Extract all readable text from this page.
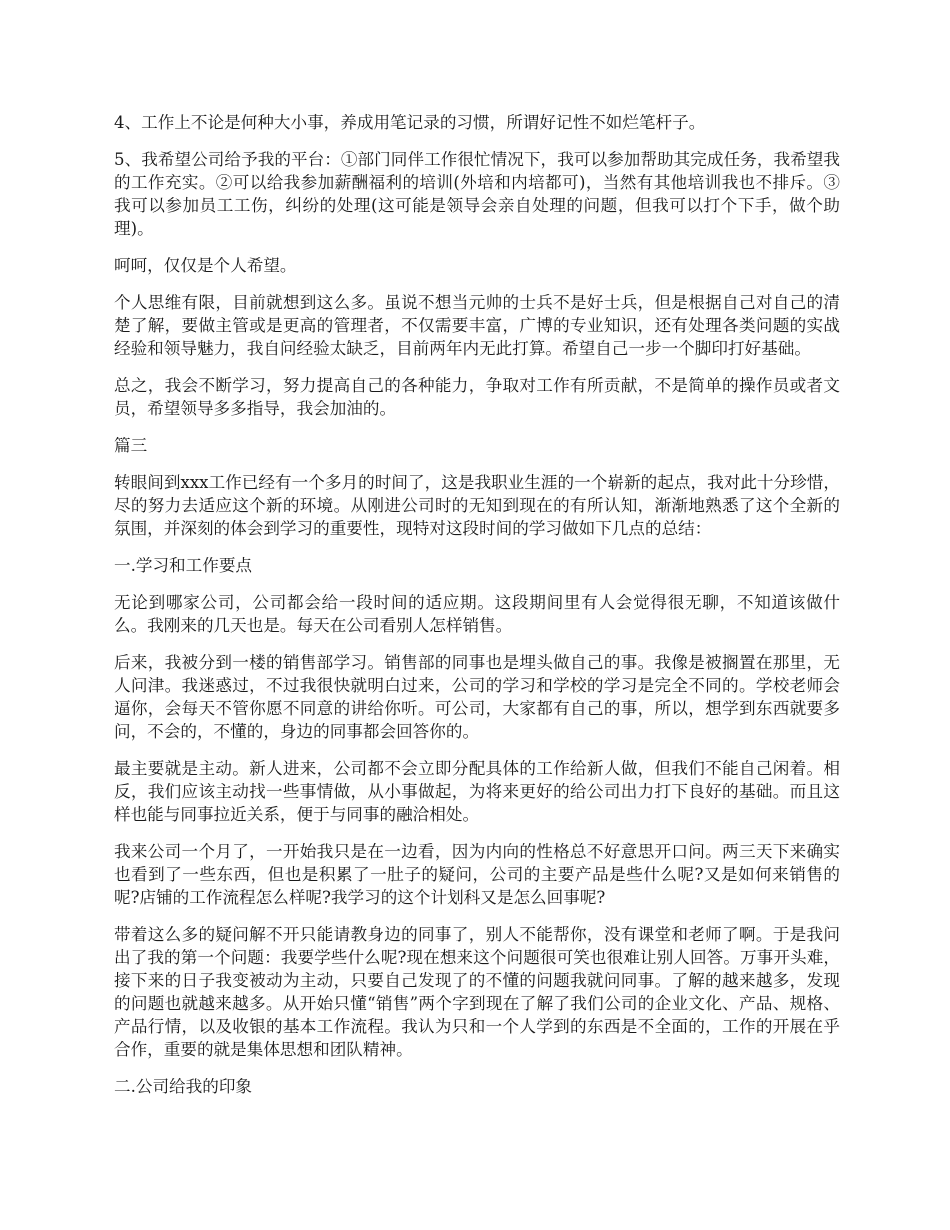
4、工作上不论是何种大小事，养成用笔记录的习惯，所谓好记性不如烂笔杆子。

5、我希望公司给予我的平台：①部门同伴工作很忙情况下，我可以参加帮助其完成任务，我希望我的工作充实。②可以给我参加薪酬福利的培训(外培和内培都可)，当然有其他培训我也不排斥。③我可以参加员工工伤，纠纷的处理(这可能是领导会亲自处理的问题，但我可以打个下手，做个助理)。

呵呵，仅仅是个人希望。

个人思维有限，目前就想到这么多。虽说不想当元帅的士兵不是好士兵，但是根据自己对自己的清楚了解，要做主管或是更高的管理者，不仅需要丰富，广博的专业知识，还有处理各类问题的实战经验和领导魅力，我自问经验太缺乏，目前两年内无此打算。希望自己一步一个脚印打好基础。

总之，我会不断学习，努力提高自己的各种能力，争取对工作有所贡献，不是简单的操作员或者文员，希望领导多多指导，我会加油的。

篇三

转眼间到xxx工作已经有一个多月的时间了，这是我职业生涯的一个崭新的起点，我对此十分珍惜，尽的努力去适应这个新的环境。从刚进公司时的无知到现在的有所认知，渐渐地熟悉了这个全新的氛围，并深刻的体会到学习的重要性，现特对这段时间的学习做如下几点的总结：

一.学习和工作要点

无论到哪家公司，公司都会给一段时间的适应期。这段期间里有人会觉得很无聊，不知道该做什么。我刚来的几天也是。每天在公司看别人怎样销售。

后来，我被分到一楼的销售部学习。销售部的同事也是埋头做自己的事。我像是被搁置在那里，无人问津。我迷惑过，不过我很快就明白过来，公司的学习和学校的学习是完全不同的。学校老师会逼你，会每天不管你愿不同意的讲给你听。可公司，大家都有自己的事，所以，想学到东西就要多问，不会的，不懂的，身边的同事都会回答你的。

最主要就是主动。新人进来，公司都不会立即分配具体的工作给新人做，但我们不能自己闲着。相反，我们应该主动找一些事情做，从小事做起，为将来更好的给公司出力打下良好的基础。而且这样也能与同事拉近关系，便于与同事的融洽相处。

我来公司一个月了，一开始我只是在一边看，因为内向的性格总不好意思开口问。两三天下来确实也看到了一些东西，但也是积累了一肚子的疑问，公司的主要产品是些什么呢?又是如何来销售的呢?店铺的工作流程怎么样呢?我学习的这个计划科又是怎么回事呢?

带着这么多的疑问解不开只能请教身边的同事了，别人不能帮你，没有课堂和老师了啊。于是我问出了我的第一个问题：我要学些什么呢?现在想来这个问题很可笑也很难让别人回答。万事开头难，接下来的日子我变被动为主动，只要自己发现了的不懂的问题我就问同事。了解的越来越多，发现的问题也就越来越多。从开始只懂“销售”两个字到现在了解了我们公司的企业文化、产品、规格、产品行情，以及收银的基本工作流程。我认为只和一个人学到的东西是不全面的，工作的开展在乎合作，重要的就是集体思想和团队精神。

二.公司给我的印象
